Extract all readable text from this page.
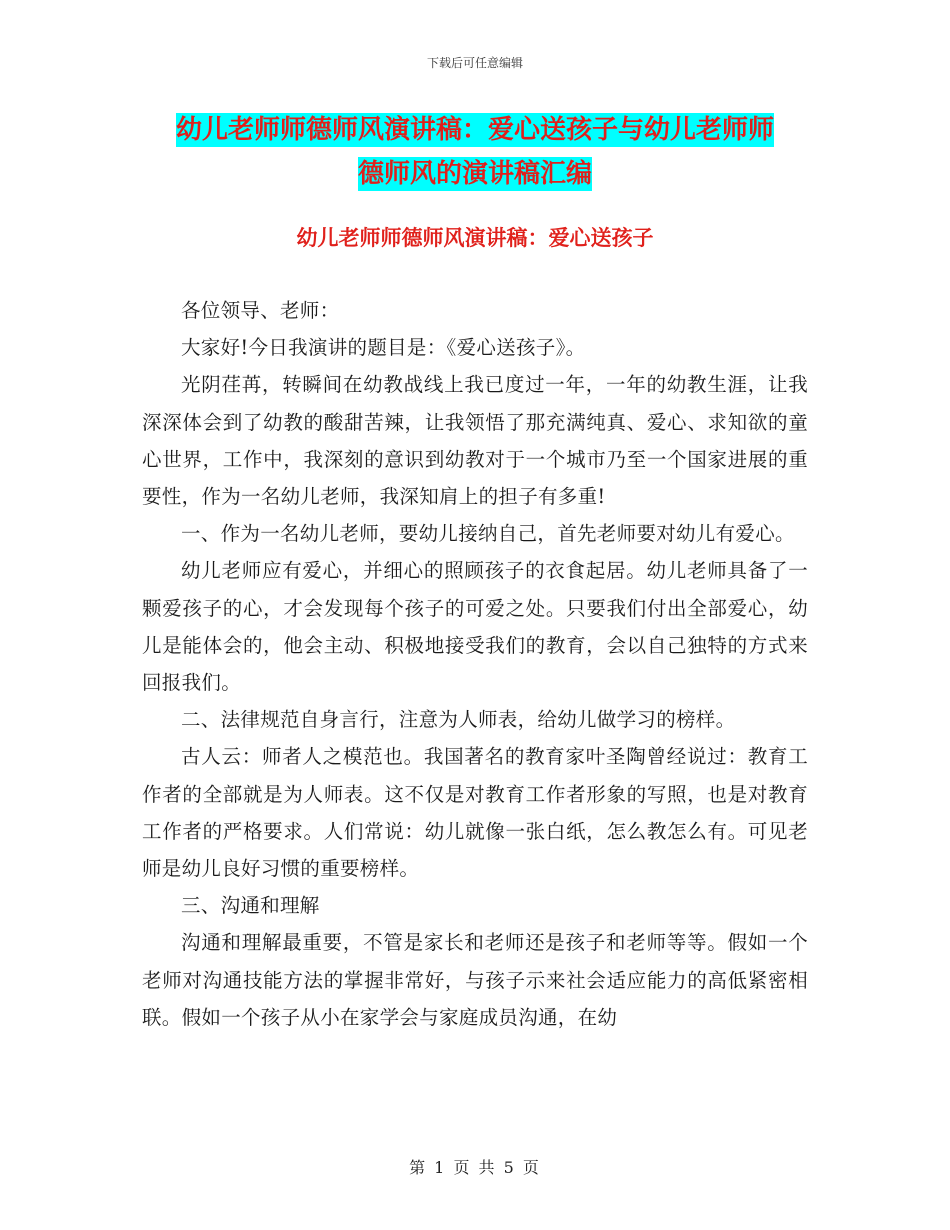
下载后可任意编辑
幼儿老师师德师风演讲稿：爱心送孩子与幼儿老师师
德师风的演讲稿汇编
幼儿老师师德师风演讲稿：爱心送孩子

各位领导、老师：

大家好!今日我演讲的题目是：《爱心送孩子》。

光阴荏苒，转瞬间在幼教战线上我已度过一年，一年的幼教生涯，让我深深体会到了幼教的酸甜苦辣，让我领悟了那充满纯真、爱心、求知欲的童心世界，工作中，我深刻的意识到幼教对于一个城市乃至一个国家进展的重要性，作为一名幼儿老师，我深知肩上的担子有多重!

一、作为一名幼儿老师，要幼儿接纳自己，首先老师要对幼儿有爱心。

幼儿老师应有爱心，并细心的照顾孩子的衣食起居。幼儿老师具备了一颗爱孩子的心，才会发现每个孩子的可爱之处。只要我们付出全部爱心，幼儿是能体会的，他会主动、积极地接受我们的教育，会以自己独特的方式来回报我们。

二、法律规范自身言行，注意为人师表，给幼儿做学习的榜样。

古人云：师者人之模范也。我国著名的教育家叶圣陶曾经说过：教育工作者的全部就是为人师表。这不仅是对教育工作者形象的写照，也是对教育工作者的严格要求。人们常说：幼儿就像一张白纸，怎么教怎么有。可见老师是幼儿良好习惯的重要榜样。

三、沟通和理解

沟通和理解最重要，不管是家长和老师还是孩子和老师等等。假如一个老师对沟通技能方法的掌握非常好，与孩子示来社会适应能力的高低紧密相联。假如一个孩子从小在家学会与家庭成员沟通，在幼

第 1 页 共 5 页
